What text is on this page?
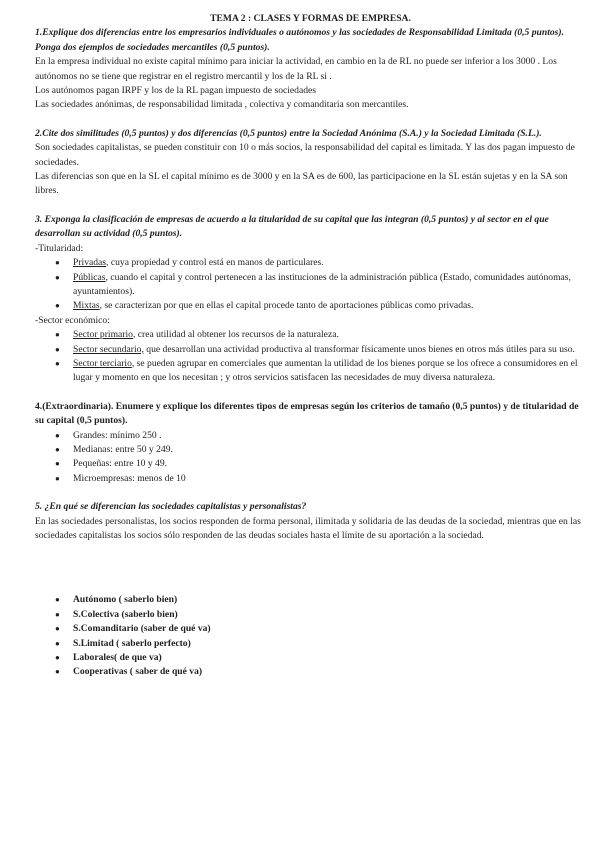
TEMA 2 : CLASES Y FORMAS DE EMPRESA.

1.Explique dos diferencias entre los empresarios individuales o autónomos y las sociedades de Responsabilidad Limitada (0,5 puntos). Ponga dos ejemplos de sociedades mercantiles (0,5 puntos).

En la empresa individual no existe capital mínimo para iniciar la actividad, en cambio en la de RL no puede ser inferior a los 3000 . Los autónomos no se tiene que registrar en el registro mercantil y los de la RL si .

Los autónomos pagan IRPF y los de la RL pagan impuesto de sociedades

Las sociedades anónimas, de responsabilidad limitada , colectiva y comanditaria son mercantiles.

2.Cite dos similitudes (0,5 puntos) y dos diferencias (0,5 puntos) entre la Sociedad Anónima (S.A.) y la Sociedad Limitada (S.L.).

Son sociedades capitalistas, se pueden constituir con 10 o más socios, la responsabilidad del capital es limitada. Y las dos pagan impuesto de sociedades.

Las diferencias son que en la SL el capital mínimo es de 3000 y en la SA es de 600, las participacione en la SL están sujetas y en la SA son libres.

3. Exponga la clasificación de empresas de acuerdo a la titularidad de su capital que las integran (0,5 puntos) y al sector en el que desarrollan su actividad (0,5 puntos).

-Titularidad:

● Privadas, cuya propiedad y control está en manos de particulares.
● Públicas, cuando el capital y control pertenecen a las instituciones de la administración pública (Estado, comunidades autónomas, ayuntamientos).
● Mixtas, se caracterizan por que en ellas el capital procede tanto de aportaciones públicas como privadas.

-Sector económico:

● Sector primario, crea utilidad al obtener los recursos de la naturaleza.
● Sector secundario, que desarrollan una actividad productiva al transformar físicamente unos bienes en otros más útiles para su uso.
● Sector terciario, se pueden agrupar en comerciales que aumentan la utilidad de los bienes porque se los ofrece a consumidores en el lugar y momento en que los necesitan ; y otros servicios satisfacen las necesidades de muy diversa naturaleza.

4.(Extraordinaria). Enumere y explique los diferentes tipos de empresas según los criterios de tamaño (0,5 puntos) y de titularidad de su capital (0,5 puntos).

● Grandes: mínimo 250 .
● Medianas: entre 50 y 249.
● Pequeñas: entre 10 y 49.
● Microempresas: menos de 10

5. ¿En qué se diferencian las sociedades capitalistas y personalistas?

En las sociedades personalistas, los socios responden de forma personal, ilimitada y solidaria de las deudas de la sociedad, mientras que en las sociedades capitalistas los socios sólo responden de las deudas sociales hasta el límite de su aportación a la sociedad.

● Autónomo ( saberlo bien)
● S.Colectiva (saberlo bien)
● S.Comanditario (saber de qué va)
● S.Limitad ( saberlo perfecto)
● Laborales( de que va)
● Cooperativas ( saber de qué va)
